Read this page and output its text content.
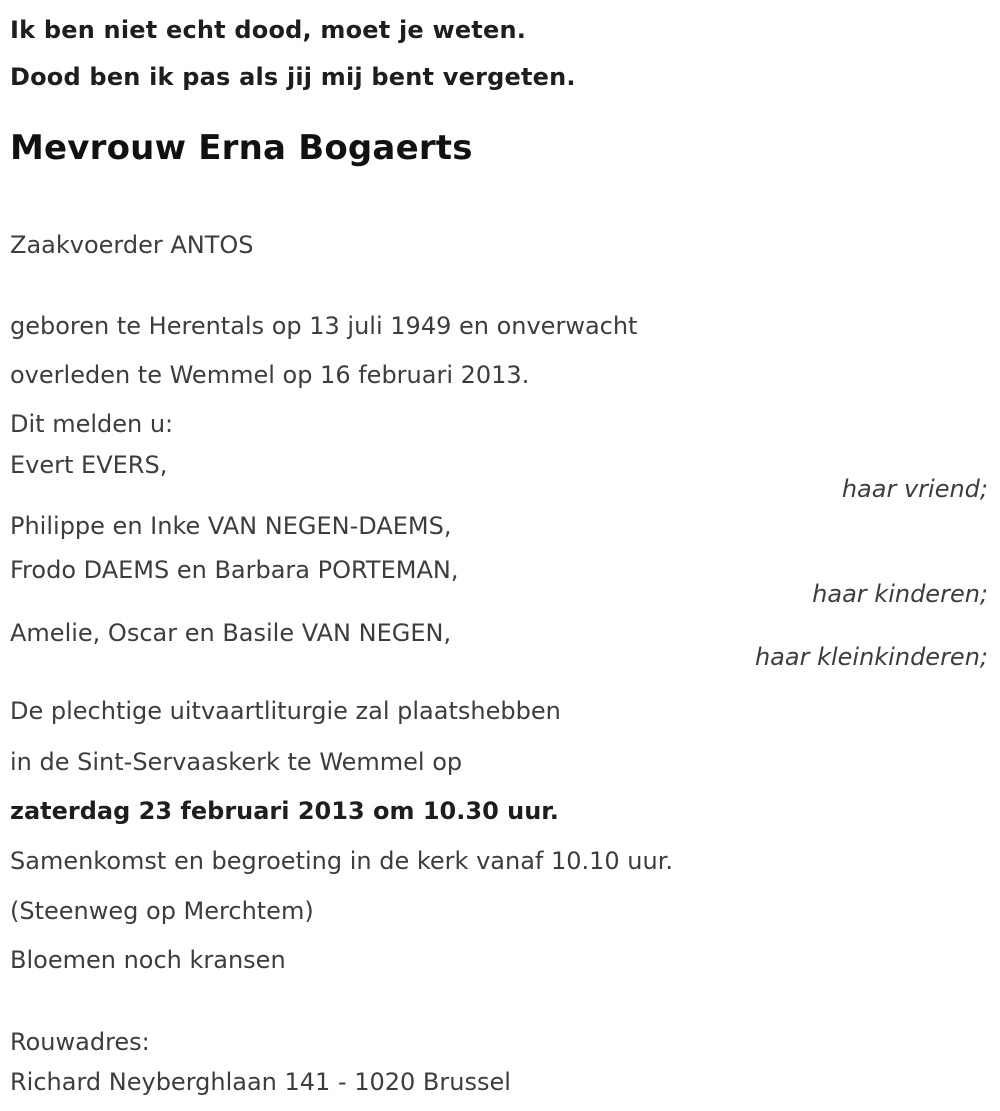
Ik ben niet echt dood, moet je weten.
Dood ben ik pas als jij mij bent vergeten.
Mevrouw Erna Bogaerts
Zaakvoerder ANTOS
geboren te Herentals op 13 juli 1949 en onverwacht
overleden te Wemmel op 16 februari 2013.
Dit melden u:
Evert EVERS,
haar vriend;
Philippe en Inke VAN NEGEN-DAEMS,
Frodo DAEMS en Barbara PORTEMAN,
haar kinderen;
Amelie, Oscar en Basile VAN NEGEN,
haar kleinkinderen;
De plechtige uitvaartliturgie zal plaatshebben
in de Sint-Servaaskerk te Wemmel op
zaterdag 23 februari 2013 om 10.30 uur.
Samenkomst en begroeting in de kerk vanaf 10.10 uur.
(Steenweg op Merchtem)
Bloemen noch kransen
Rouwadres:
Richard Neyberghlaan 141 - 1020 Brussel
